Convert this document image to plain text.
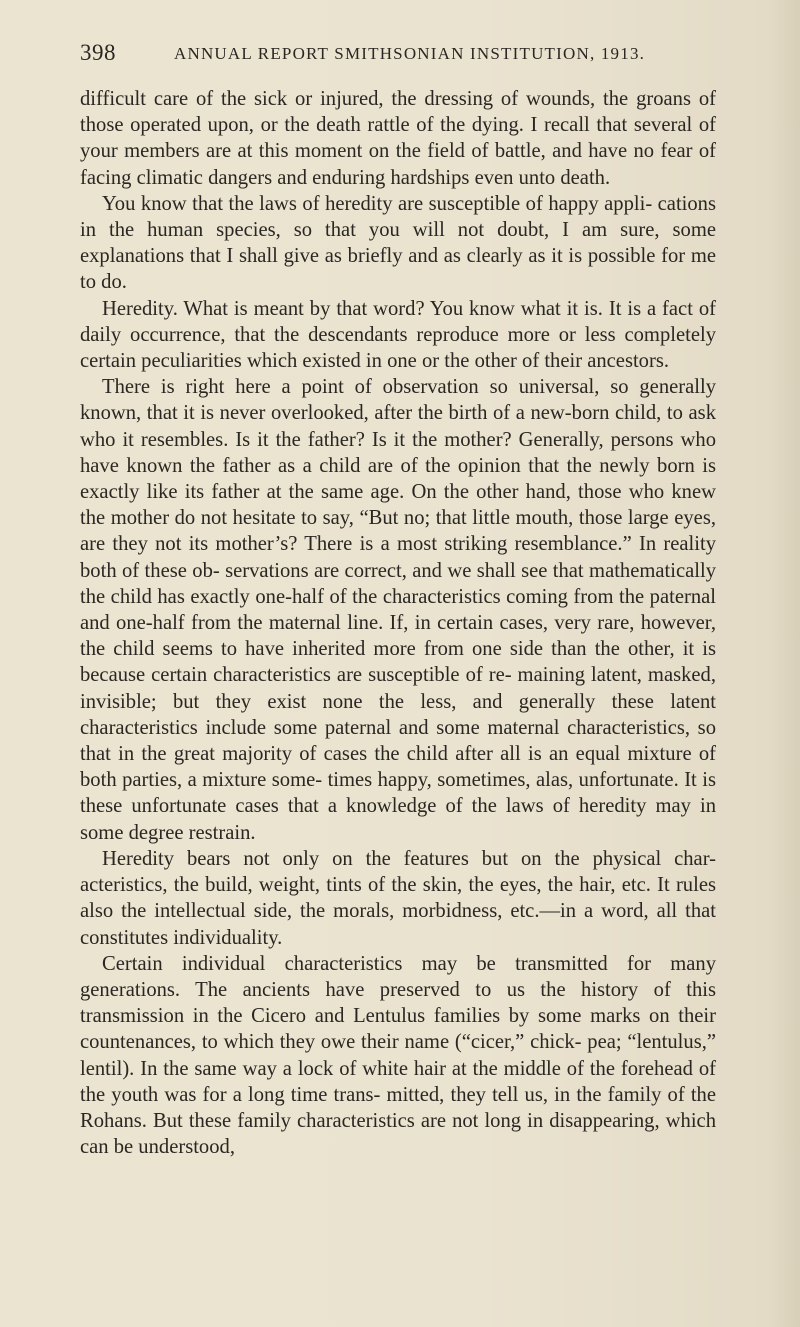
398	ANNUAL REPORT SMITHSONIAN INSTITUTION, 1913.

difficult care of the sick or injured, the dressing of wounds, the groans of those operated upon, or the death rattle of the dying. I recall that several of your members are at this moment on the field of battle, and have no fear of facing climatic dangers and enduring hardships even unto death.

You know that the laws of heredity are susceptible of happy appli- cations in the human species, so that you will not doubt, I am sure, some explanations that I shall give as briefly and as clearly as it is possible for me to do.

Heredity. What is meant by that word? You know what it is. It is a fact of daily occurrence, that the descendants reproduce more or less completely certain peculiarities which existed in one or the other of their ancestors.

There is right here a point of observation so universal, so generally known, that it is never overlooked, after the birth of a new-born child, to ask who it resembles. Is it the father? Is it the mother? Generally, persons who have known the father as a child are of the opinion that the newly born is exactly like its father at the same age. On the other hand, those who knew the mother do not hesitate to say, “But no; that little mouth, those large eyes, are they not its mother’s? There is a most striking resemblance.” In reality both of these ob- servations are correct, and we shall see that mathematically the child has exactly one-half of the characteristics coming from the paternal and one-half from the maternal line. If, in certain cases, very rare, however, the child seems to have inherited more from one side than the other, it is because certain characteristics are susceptible of re- maining latent, masked, invisible; but they exist none the less, and generally these latent characteristics include some paternal and some maternal characteristics, so that in the great majority of cases the child after all is an equal mixture of both parties, a mixture some- times happy, sometimes, alas, unfortunate. It is these unfortunate cases that a knowledge of the laws of heredity may in some degree restrain.

Heredity bears not only on the features but on the physical char- acteristics, the build, weight, tints of the skin, the eyes, the hair, etc. It rules also the intellectual side, the morals, morbidness, etc.—in a word, all that constitutes individuality.

Certain individual characteristics may be transmitted for many generations. The ancients have preserved to us the history of this transmission in the Cicero and Lentulus families by some marks on their countenances, to which they owe their name (“cicer,” chick- pea; “lentulus,” lentil). In the same way a lock of white hair at the middle of the forehead of the youth was for a long time trans- mitted, they tell us, in the family of the Rohans. But these family characteristics are not long in disappearing, which can be understood,
